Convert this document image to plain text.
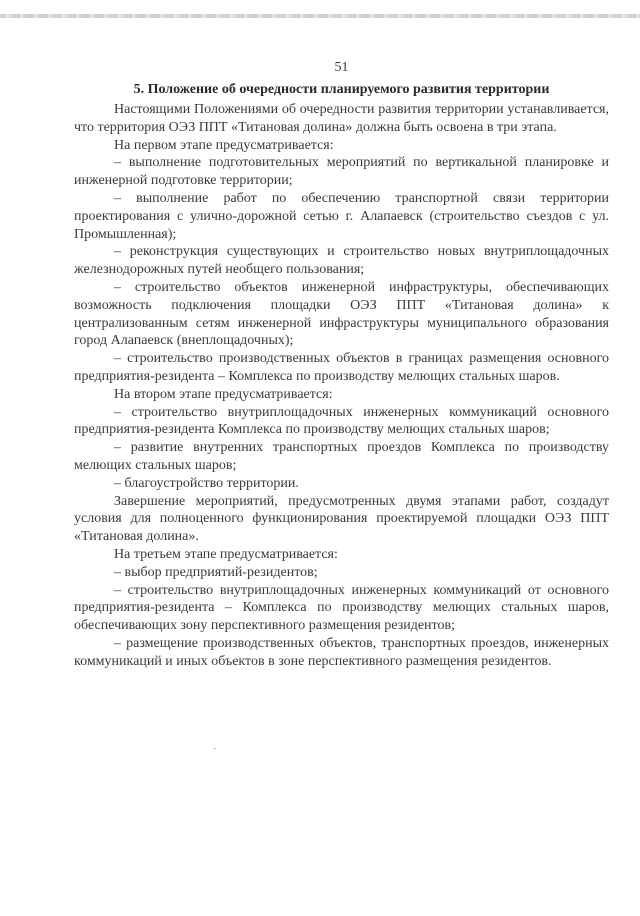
51
5. Положение об очередности планируемого развития территории

Настоящими Положениями об очередности развития территории устанавливается, что территория ОЭЗ ППТ «Титановая долина» должна быть освоена в три этапа.

На первом этапе предусматривается:

– выполнение подготовительных мероприятий по вертикальной планировке и инженерной подготовке территории;

– выполнение работ по обеспечению транспортной связи территории проектирования с улично-дорожной сетью г. Алапаевск (строительство съездов с ул. Промышленная);

– реконструкция существующих и строительство новых внутриплощадочных железнодорожных путей необщего пользования;

– строительство объектов инженерной инфраструктуры, обеспечивающих возможность подключения площадки ОЭЗ ППТ «Титановая долина» к централизованным сетям инженерной инфраструктуры муниципального образования город Алапаевск (внеплощадочных);

– строительство производственных объектов в границах размещения основного предприятия-резидента – Комплекса по производству мелющих стальных шаров.

На втором этапе предусматривается:

– строительство внутриплощадочных инженерных коммуникаций основного предприятия-резидента Комплекса по производству мелющих стальных шаров;

– развитие внутренних транспортных проездов Комплекса по производству мелющих стальных шаров;

– благоустройство территории.

Завершение мероприятий, предусмотренных двумя этапами работ, создадут условия для полноценного функционирования проектируемой площадки ОЭЗ ППТ «Титановая долина».

На третьем этапе предусматривается:

– выбор предприятий-резидентов;

– строительство внутриплощадочных инженерных коммуникаций от основного предприятия-резидента – Комплекса по производству мелющих стальных шаров, обеспечивающих зону перспективного размещения резидентов;

– размещение производственных объектов, транспортных проездов, инженерных коммуникаций и иных объектов в зоне перспективного размещения резидентов.
